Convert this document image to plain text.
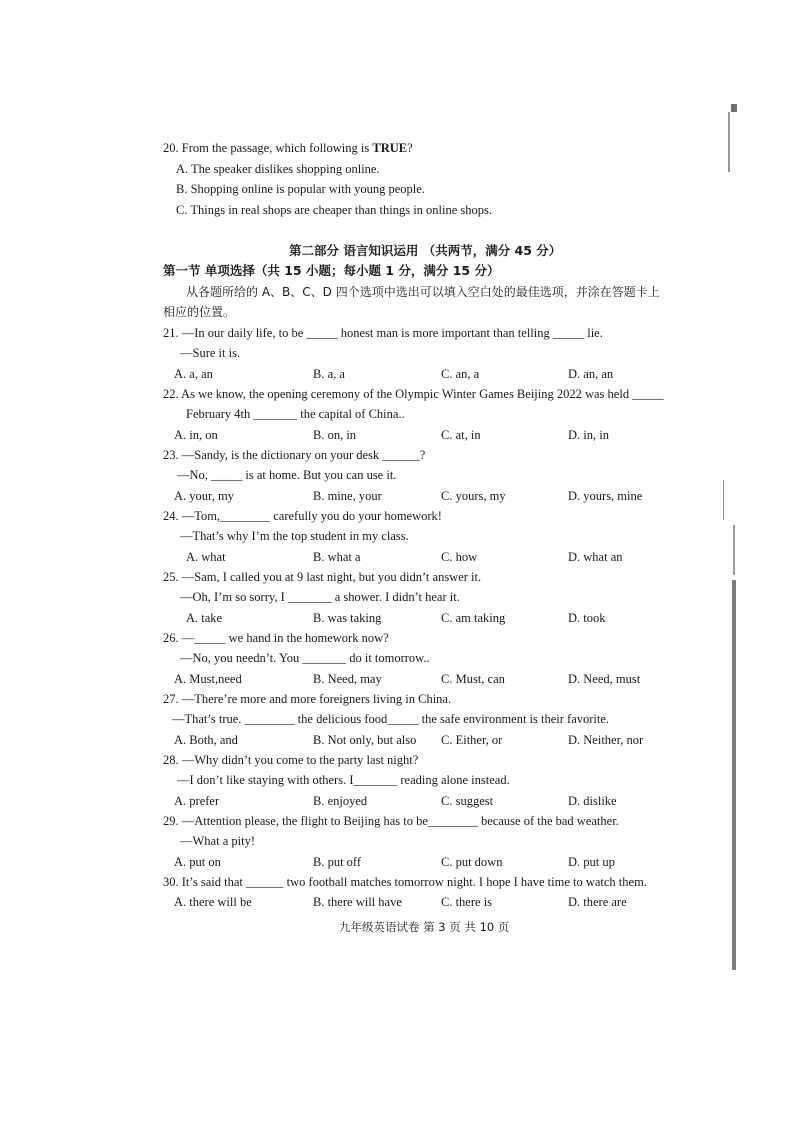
20. From the passage, which following is TRUE?
A. The speaker dislikes shopping online.
B. Shopping online is popular with young people.
C. Things in real shops are cheaper than things in online shops.
第二部分 语言知识运用 （共两节，满分 45 分）
第一节 单项选择（共 15 小题；每小题 1 分，满分 15 分）
从各题所给的 A、B、C、D 四个选项中选出可以填入空白处的最佳选项，并涂在答题卡上
相应的位置。
21. —In our daily life, to be _____ honest man is more important than telling _____ lie.
—Sure it is.
A. a, an	B. a, a	C. an, a	D. an, an
22. As we know, the opening ceremony of the Olympic Winter Games Beijing 2022 was held _____
February 4th _______ the capital of China..
A. in, on	B. on, in	C. at, in	D. in, in
23. —Sandy, is the dictionary on your desk ______?
—No, _____ is at home. But you can use it.
A. your, my	B. mine, your	C. yours, my	D. yours, mine
24. —Tom,________ carefully you do your homework!
—That’s why I’m the top student in my class.
A. what	B. what a	C. how	D. what an
25. —Sam, I called you at 9 last night, but you didn’t answer it.
—Oh, I’m so sorry, I _______ a shower. I didn’t hear it.
A. take	B. was taking	C. am taking	D. took
26. —_____ we hand in the homework now?
—No, you needn’t. You _______ do it tomorrow..
A. Must,need	B. Need, may	C. Must, can	D. Need, must
27. —There’re more and more foreigners living in China.
—That’s true. ________ the delicious food_____ the safe environment is their favorite.
A. Both, and	B. Not only, but also C. Either, or	D. Neither, nor
28. —Why didn’t you come to the party last night?
—I don’t like staying with others. I_______ reading alone instead.
A. prefer	B. enjoyed	C. suggest	D. dislike
29. —Attention please, the flight to Beijing has to be________ because of the bad weather.
—What a pity!
A. put on	B. put off	C. put down	D. put up
30. It’s said that ______ two football matches tomorrow night. I hope I have time to watch them.
A. there will be	B. there will have	C. there is	D. there are
九年级英语试卷 第 3 页 共 10 页
